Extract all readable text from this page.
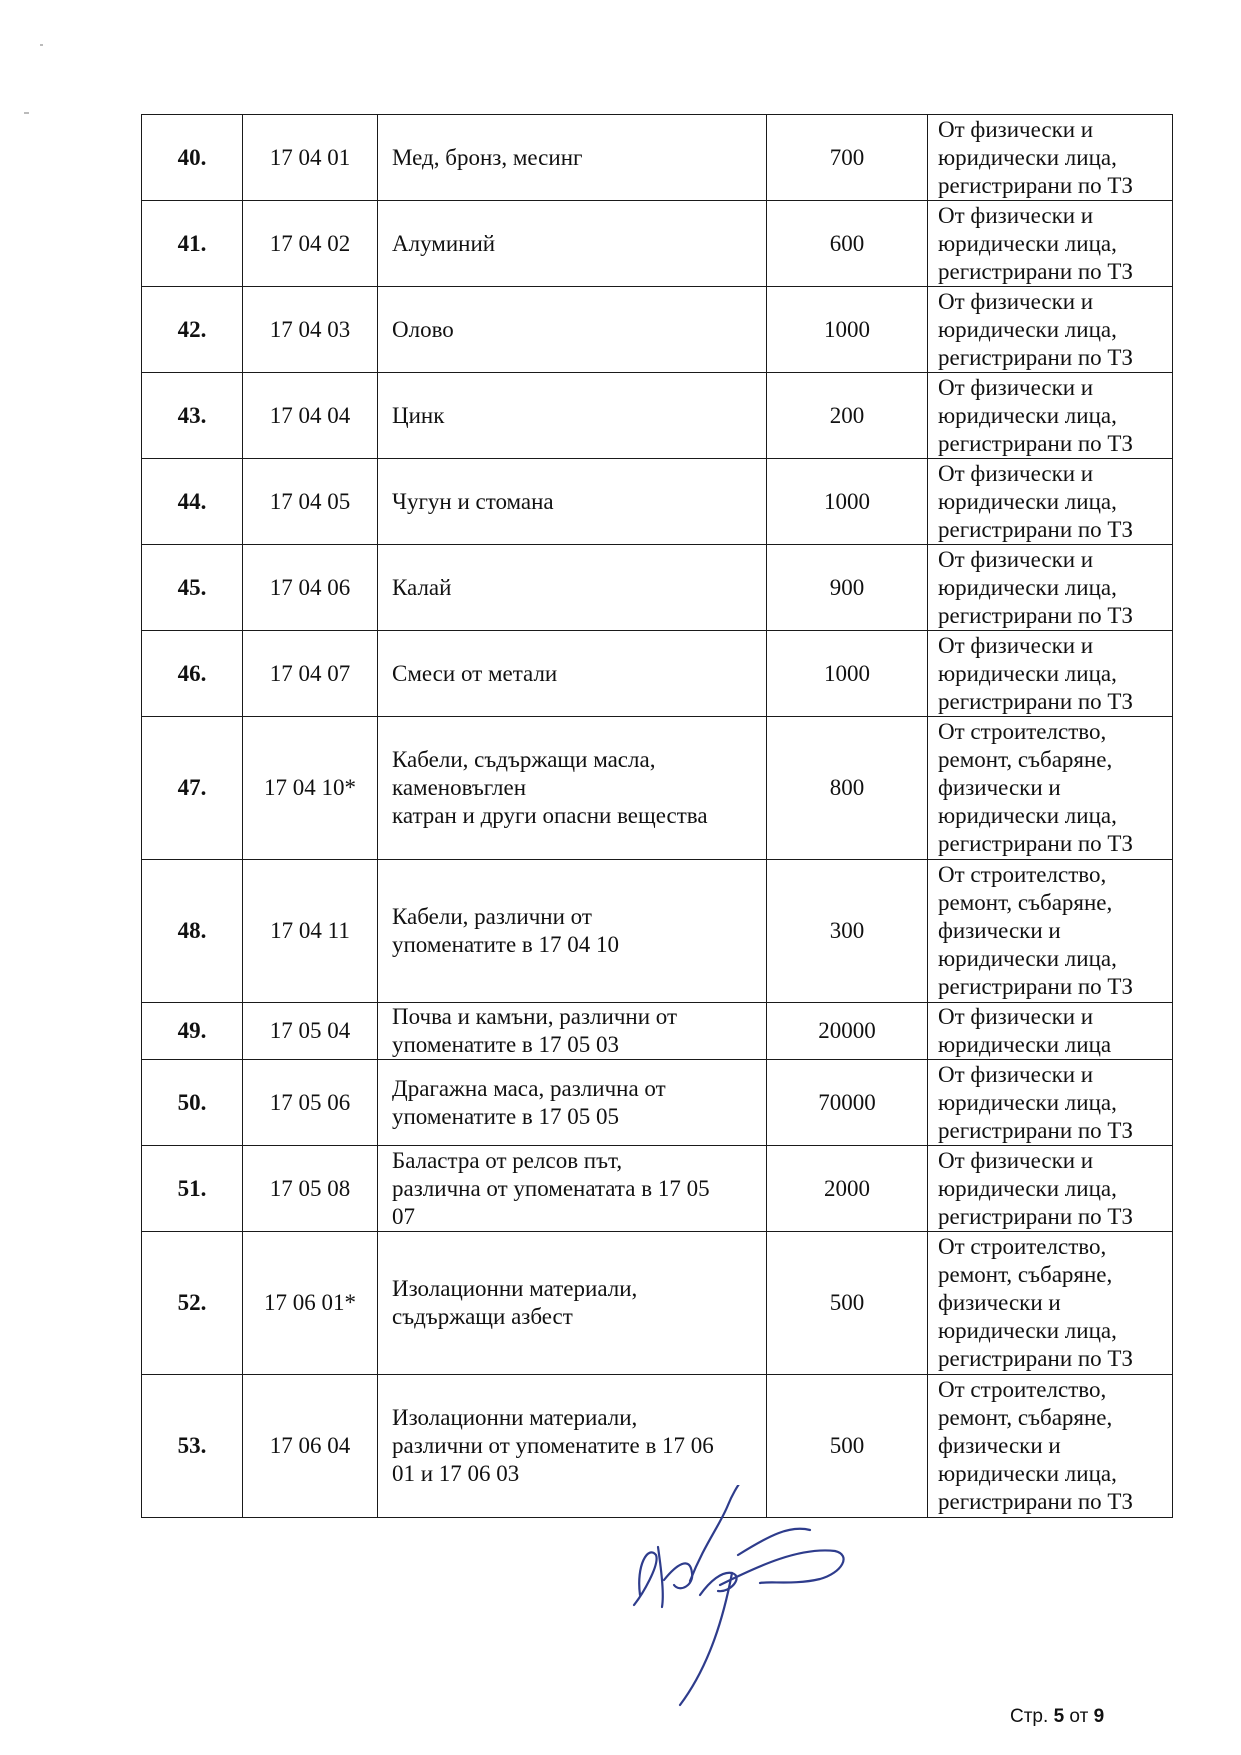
40.	17 04 01	Мед, бронз, месинг	700	От физически и
юридически лица,
регистрирани по ТЗ
41.	17 04 02	Алуминий	600	От физически и
юридически лица,
регистрирани по ТЗ
42.	17 04 03	Олово	1000	От физически и
юридически лица,
регистрирани по ТЗ
43.	17 04 04	Цинк	200	От физически и
юридически лица,
регистрирани по ТЗ
44.	17 04 05	Чугун и стомана	1000	От физически и
юридически лица,
регистрирани по ТЗ
45.	17 04 06	Калай	900	От физически и
юридически лица,
регистрирани по ТЗ
46.	17 04 07	Смеси от метали	1000	От физически и
юридически лица,
регистрирани по ТЗ
47.	17 04 10*	Кабели, съдържащи масла,
каменовъглен
катран и други опасни вещества	800	От строителство,
ремонт, събаряне,
физически и
юридически лица,
регистрирани по ТЗ
48.	17 04 11	Кабели, различни от
упоменатите в 17 04 10	300	От строителство,
ремонт, събаряне,
физически и
юридически лица,
регистрирани по ТЗ
49.	17 05 04	Почва и камъни, различни от
упоменатите в 17 05 03	20000	От физически и
юридически лица
50.	17 05 06	Драгажна маса, различна от
упоменатите в 17 05 05	70000	От физически и
юридически лица,
регистрирани по ТЗ
51.	17 05 08	Баластра от релсов път,
различна от упоменатата в 17 05
07	2000	От физически и
юридически лица,
регистрирани по ТЗ
52.	17 06 01*	Изолационни материали,
съдържащи азбест	500	От строителство,
ремонт, събаряне,
физически и
юридически лица,
регистрирани по ТЗ
53.	17 06 04	Изолационни материали,
различни от упоменатите в 17 06
01 и 17 06 03	500	От строителство,
ремонт, събаряне,
физически и
юридически лица,
регистрирани по ТЗ
Стр. 5 от 9
